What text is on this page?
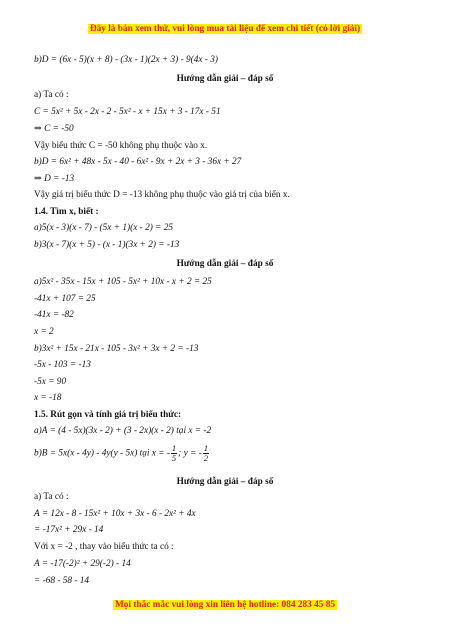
Đây là bản xem thử, vui lòng mua tài liệu để xem chi tiết (có lời giải)
b)D = (6x - 5)(x + 8) - (3x - 1)(2x + 3) - 9(4x - 3)
Hướng dẫn giải – đáp số
a) Ta có :
C = 5x² + 5x - 2x - 2 - 5x² - x + 15x + 3 - 17x - 51
⇒ C = -50
Vậy biểu thức C = -50 không phụ thuộc vào x.
b)D = 6x² + 48x - 5x - 40 - 6x² - 9x + 2x + 3 - 36x + 27
⇒ D = -13
Vậy giá trị biểu thức D = -13 không phụ thuộc vào giá trị của biến x.
1.4. Tìm x, biết :
a)5(x - 3)(x - 7) - (5x + 1)(x - 2) = 25
b)3(x - 7)(x + 5) - (x - 1)(3x + 2) = -13
Hướng dẫn giải – đáp số
a)5x² - 35x - 15x + 105 - 5x² + 10x - x + 2 = 25
-41x + 107 = 25
-41x = -82
x = 2
b)3x² + 15x - 21x - 105 - 3x² + 3x + 2 = -13
-5x - 103 = -13
-5x = 90
x = -18
1.5. Rút gọn và tính giá trị biểu thức:
a)A = (4 - 5x)(3x - 2) + (3 - 2x)(x - 2) tại x = -2
b)B = 5x(x - 4y) - 4y(y - 5x) tại x = - $\frac{1}{5}$ ; y = - $\frac{1}{2}$
Hướng dẫn giải – đáp số
a) Ta có :
A = 12x - 8 - 15x² + 10x + 3x - 6 - 2x² + 4x
= -17x² + 29x - 14
Với x = -2 , thay vào biểu thức ta có :
A = -17(-2)² + 29(-2) - 14
= -68 - 58 - 14
Mọi thắc mắc vui lòng xin liên hệ hotline: 084 283 45 85
